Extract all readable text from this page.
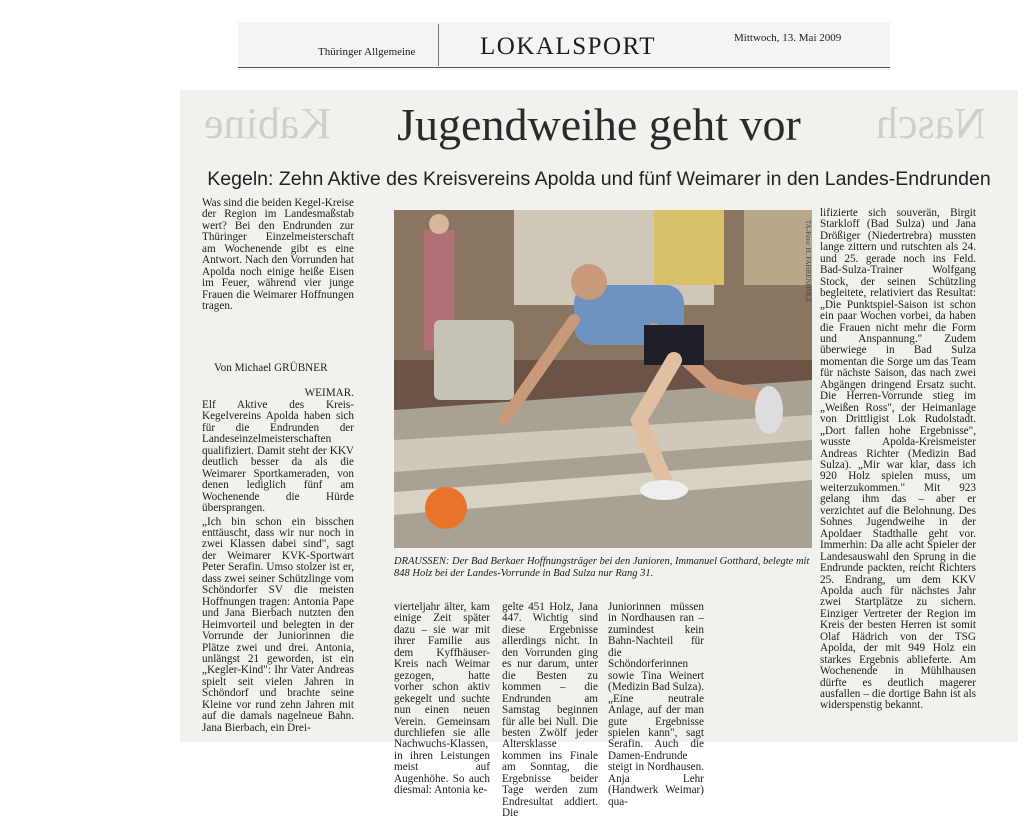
Thüringer Allgemeine	LOKALSPORT	Mittwoch, 13. Mai 2009
Kabine	Nasch
Jugendweihe geht vor
Kegeln: Zehn Aktive des Kreisvereins Apolda und fünf Weimarer in den Landes-Endrunden

Was sind die beiden Kegel-Kreise der Region im Landesmaßstab wert? Bei den Endrunden zur Thüringer Einzelmeisterschaft am Wochenende gibt es eine Antwort. Nach den Vorrunden hat Apolda noch einige heiße Eisen im Feuer, während vier junge Frauen die Weimarer Hoffnungen tragen.

Von Michael GRÜBNER
WEIMAR.

Elf Aktive des Kreis-Kegelvereins Apolda haben sich für die Endrunden der Landeseinzelmeisterschaften qualifiziert. Damit steht der KKV deutlich besser da als die Weimarer Sportkameraden, von denen lediglich fünf am Wochenende die Hürde übersprangen.

„Ich bin schon ein bisschen enttäuscht, dass wir nur noch in zwei Klassen dabei sind", sagt der Weimarer KVK-Sportwart Peter Serafin. Umso stolzer ist er, dass zwei seiner Schützlinge vom Schöndorfer SV die meisten Hoffnungen tragen: Antonia Pape und Jana Bierbach nutzten den Heimvorteil und belegten in der Vorrunde der Juniorinnen die Plätze zwei und drei. Antonia, unlängst 21 geworden, ist ein „Kegler-Kind": Ihr Vater Andreas spielt seit vielen Jahren in Schöndorf und brachte seine Kleine vor rund zehn Jahren mit auf die damals nagelneue Bahn. Jana Bierbach, ein Drei-

TA-Foto: H. FAHRENHOLZ
DRAUSSEN: Der Bad Berkaer Hoffnungsträger bei den Junioren, Immanuel Gotthard, belegte mit 848 Holz bei der Landes-Vorrunde in Bad Sulza nur Rang 31.
vierteljahr älter, kam einige Zeit später dazu – sie war mit ihrer Familie aus dem Kyffhäuser-Kreis nach Weimar gezogen, hatte vorher schon aktiv gekegelt und suchte nun einen neuen Verein. Gemeinsam durchliefen sie alle Nachwuchs-Klassen, in ihren Leistungen meist auf Augenhöhe. So auch diesmal: Antonia ke-
gelte 451 Holz, Jana 447. Wichtig sind diese Ergebnisse allerdings nicht. In den Vorrunden ging es nur darum, unter die Besten zu kommen – die Endrunden am Samstag beginnen für alle bei Null. Die besten Zwölf jeder Altersklasse kommen ins Finale am Sonntag, die Ergebnisse beider Tage werden zum Endresultat addiert. Die
Juniorinnen müssen in Nordhausen ran – zumindest kein Bahn-Nachteil für die Schöndorferinnen sowie Tina Weinert (Medizin Bad Sulza). „Eine neutrale Anlage, auf der man gute Ergebnisse spielen kann", sagt Serafin. Auch die Damen-Endrunde steigt in Nordhausen. Anja Lehr (Handwerk Weimar) qua-
lifizierte sich souverän, Birgit Starkloff (Bad Sulza) und Jana Drößiger (Niedertrebra) mussten lange zittern und rutschten als 24. und 25. gerade noch ins Feld. Bad-Sulza-Trainer Wolfgang Stock, der seinen Schützling begleitete, relativiert das Resultat: „Die Punktspiel-Saison ist schon ein paar Wochen vorbei, da haben die Frauen nicht mehr die Form und Anspannung." Zudem überwiege in Bad Sulza momentan die Sorge um das Team für nächste Saison, das nach zwei Abgängen dringend Ersatz sucht. Die Herren-Vorrunde stieg im „Weißen Ross", der Heimanlage von Drittligist Lok Rudolstadt. „Dort fallen hohe Ergebnisse", wusste Apolda-Kreismeister Andreas Richter (Medizin Bad Sulza). „Mir war klar, dass ich 920 Holz spielen muss, um weiterzukommen." Mit 923 gelang ihm das – aber er verzichtet auf die Belohnung. Des Sohnes Jugendweihe in der Apoldaer Stadthalle geht vor. Immerhin: Da alle acht Spieler der Landesauswahl den Sprung in die Endrunde packten, reicht Richters 25. Endrang, um dem KKV Apolda auch für nächstes Jahr zwei Startplätze zu sichern. Einziger Vertreter der Region im Kreis der besten Herren ist somit Olaf Hädrich von der TSG Apolda, der mit 949 Holz ein starkes Ergebnis ablieferte. Am Wochenende in Mühlhausen dürfte es deutlich magerer ausfallen – die dortige Bahn ist als widerspenstig bekannt.
